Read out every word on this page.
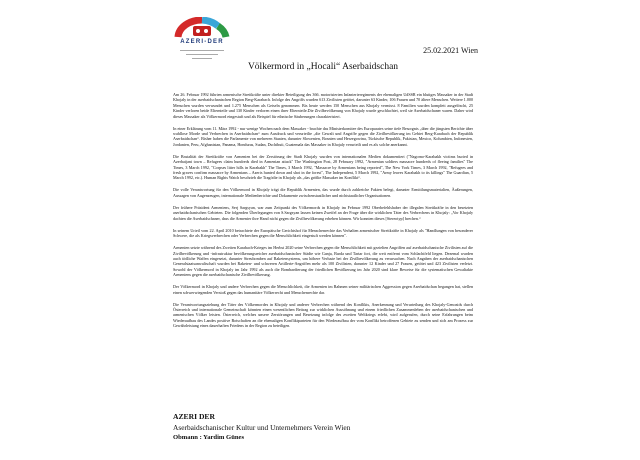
AZERI-DER
25.02.2021 Wien
Völkermord in „Hocali“ Aserbaidschan

Am 26. Februar 1992 führten armenische Streitkräfte unter direkter Beteiligung des 366. motorisierten Infanterieregiments der ehemaligen UdSSR ein blutiges Massaker in der Stadt Khojaly in der aserbaidschanischen Region Berg-Karabach. Infolge des Angriffs wurden 613 Zivilisten getötet, darunter 63 Kinder, 106 Frauen und 70 ältere Menschen. Weitere 1.000 Menschen wurden verwundet und 1.275 Menschen als Geiseln genommen. Bis heute werden 150 Menschen aus Khojaly vermisst. 8 Familien wurden komplett ausgelöscht, 25 Kinder verloren beide Elternteile und 130 Kinder verloren einen ihrer Elternteile.Die Zivilbevölkerung von Khojaly wurde geschlachtet, weil sie Aserbaidschaner waren. Daher wird dieses Massaker als Völkermord eingestuft und als Beispiel für ethnische Säuberungen charakterisiert.

In einer Erklärung vom 11. März 1992 - nur wenige Wochen nach dem Massaker - brachte das Ministerkomitee des Europarates seine tiefe Besorgnis „über die jüngsten Berichte über wahllose Morde und Verbrechen in Aserbaidschan“ zum Ausdruck und verurteilte „die Gewalt und Angriffe gegen die Zivilbevölkerung im Gebiet Berg-Karabach der Republik Aserbaidschan“. Bisher haben die Parlamente von mehreren Staaten, darunter Slowenien, Bosnien und Herzegowina, Türkische Republik, Pakistan, Mexico, Kolumbien, Indonesien, Jordanien, Peru, Afghanistan, Panama, Honduras, Sudan, Dschibuti, Guatemala das Massaker in Khojaly verurteilt und es als solche anerkannt.

Die Brutalität der Streitkräfte von Armenien bei der Zerstörung der Stadt Khojaly wurden von internationalen Medien dokumentiert ("Nagorno-Karabakh victims buried in Azerbaijani town – Refugees claim hundreds died in Armenian attack" The Washington Post, 28 February 1992, "Armenian soldiers massacre hundreds of fleeing families" The Times, 3 March 1992, "Corpses litter hills in Karabakh" The Times, 3 March 1992, "Massacre by Armenians being reported", The New York Times, 3 March 1992, "Refugees and fresh graves confirm massacre by Armenians – Azeris hunted down and shot in the forest", The Independent, 5 March 1992, "Army leaves Karabakh to its killings" The Guardian, 5 March 1992, etc.). Human Rights Watch beschrieb die Tragödie in Khojaly als „das größte Massaker im Konflikt“.

Die volle Verantwortung für den Völkermord in Khojaly trägt die Republik Armenien, das wurde durch zahlreiche Fakten belegt, darunter Ermittlungsmaterialien, Äußerungen, Aussagen von Augenzeugen, internationale Medienberichte und Dokumente zwischenstaatlicher und nichtstaatlicher Organisationen.

Der frühere Präsident Armeniens, Serj Sargsyan, war zum Zeitpunkt des Völkermords in Khojaly im Februar 1992 Oberbefehlshaber der illegalen Streitkräfte in den besetzten aserbaidschanischen Gebieten. Die folgenden Überlegungen von S.Sargsyan lassen keinen Zweifel an der Frage über die wirklichen Täter des Verbrechens in Khojaly: „Vor Khojaly dachten die Aserbaidschaner, dass die Armenier ihre Hand nicht gegen die Zivilbevölkerung erheben können. Wir konnten dieses [Stereotyp] brechen.“

In seinem Urteil vom 22. April 2010 betrachtete der Europäische Gerichtshof für Menschenrechte das Verhalten armenischer Streitkräfte in Khojaly als "Handlungen von besonderer Schwere, die als Kriegsverbrechen oder Verbrechen gegen die Menschlichkeit eingestuft werden können".

Armenien setzte während des Zweiten Karabach-Krieges im Herbst 2020 seine Verbrechen gegen die Menschlichkeit mit gezielten Angriffen auf aserbaidschanische Zivilisten auf die Zivilbevölkerung und -infrastruktur bevölkerungsreicher aserbaidschanischer Städte wie Ganja, Barda und Tartar fort, die weit entfernt vom Schlachtfeld liegen. Dezemal wurden auch tödliche Waffen eingesetzt, darunter Streubomben auf Raketensystems, um höhere Verluste bei der Zivilbevölkerung zu verursachen. Nach Angaben der aserbaidschanischen Generalstaatsanwaltschaft wurden bei Raketen- und schweren Artillerie-Angriffen mehr als 100 Zivilisten, darunter 12 Kinder und 27 Frauen, getötet und 423 Zivilisten verletzt. Sowohl der Völkermord in Khojaly im Jahr 1992 als auch die Bombardierung der friedlichen Bevölkerung im Jahr 2020 sind klare Beweise für die systematischen Gewaltakte Armeniens gegen die aserbaidschanische Zivilbevölkerung.

Der Völkermord in Khojaly und andere Verbrechen gegen die Menschlichkeit, die Armenien im Rahmen seiner militärischen Aggression gegen Aserbaidschan begangen hat, stellen einen schwerwiegenden Verstoß gegen das humanitäre Völkerrecht und Menschenrechte dar.

Die Verantwortungsziehung der Täter des Völkermordes in Khojaly und anderer Verbrechen während des Konflikts, Anerkennung und Verurteilung des Khojaly-Genozids durch Österreich und internationale Gemeinschaft könnten einen wesentlichen Beitrag zur wirklichen Aussöhnung und einem friedlichen Zusammenleben der aserbaidschanischen und armenischen Völker leisten. Österreich, welches unsere Zerstörungen und Besetzung infolge des zweiten Weltkriegs erlebt, wird aufgerufen, durch seine Erfahrungen beim Wiederaufbau des Landes positive Botschaften an die ehemaligen Konfliktparteien für den Wiederaufbau der vom Konflikt betroffenen Gebiete zu senden und sich am Prozess zur Gewährleistung eines dauerhaften Friedens in der Region zu beteiligen.

AZERI DER
Aserbaidschanischer Kultur und Unternehmers Verein Wien
Obmann : Yardim Günes
